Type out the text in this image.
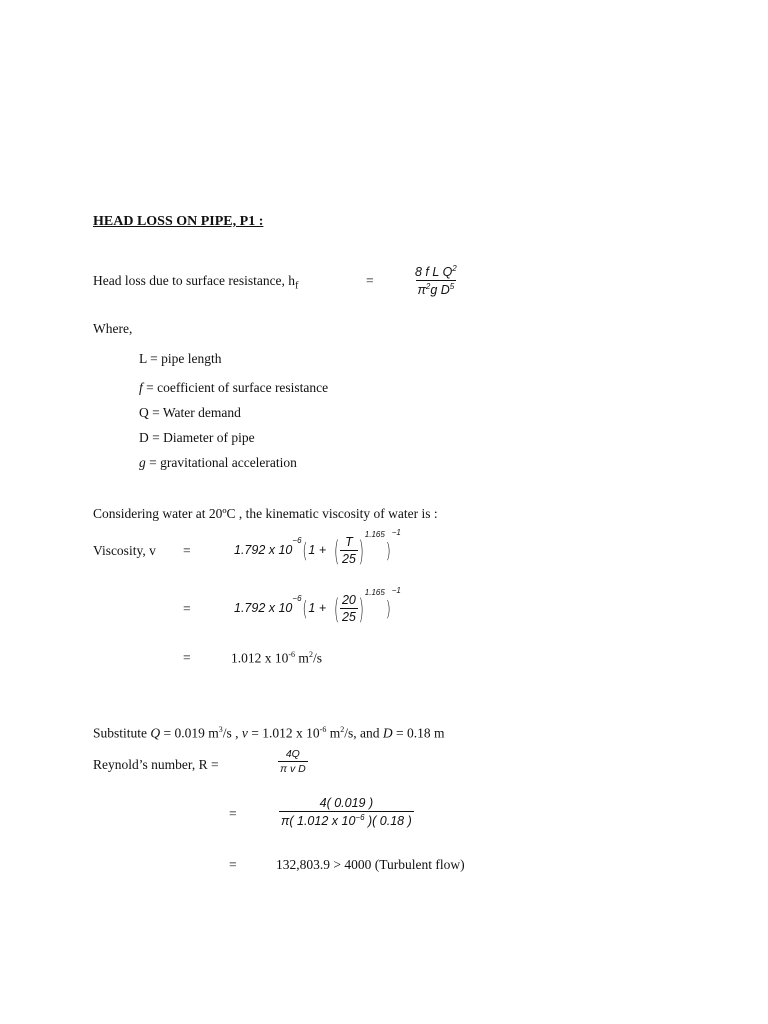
HEAD LOSS ON PIPE, P1 :
Head loss due to surface resistance, $h_f$	=	$\frac{8 f L Q^2}{\pi^2g D^5}$
Where,
L = pipe length
f = coefficient of surface resistance
Q = Water demand
D = Diameter of pipe
g = gravitational acceleration
Considering water at 20ºC , the kinematic viscosity of water is :
Viscosity, v =	1.792 x 10
$^{-6}$ ( 1 +
( $\frac{T}{25} )^{1.165}$
)
−1
=	1.792 x 10
$^{-6}$ ( 1 +
( $\frac{20}{25} )^{1.165}$
)
−1
=	1.012 x $10^{-6}$ $m^2/s$
Substitute Q = 0.019 $m^3/s$ , v = 1.012 x $10^{-6}$ $m^2/s$, and D = 0.18 m
Reynold’s number, R =	$\frac{4Q}{\text{π v D}}$
=	$\frac{4( 0.019 )}{\pi( 1.012 x 10^{-6} )( 0.18 )}$
=	132,803.9 > 4000 (Turbulent flow)
